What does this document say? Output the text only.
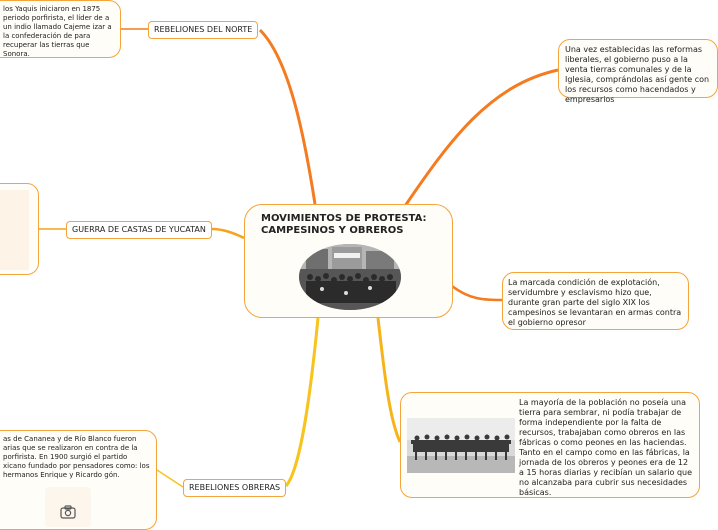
MOVIMIENTOS DE PROTESTA: CAMPESINOS Y OBREROS
REBELIONES DEL NORTE
los Yaquis iniciaron en 1875 periodo porfirista, el líder de a un indio llamado Cajeme izar a la confederación de para recuperar las tierras que Sonora.
GUERRA DE CASTAS DE YUCATAN
REBELIONES OBRERAS
as de Cananea y de Río Blanco fueron arias que se realizaron en contra de la porfirista. En 1900 surgió el partido xicano fundado por pensadores como: los hermanos Enrique y Ricardo gón.
Una vez establecidas las reformas liberales, el gobierno puso a la venta tierras comunales y de la Iglesia, comprándolas así gente con los recursos como hacendados y empresarios
La marcada condición de explotación, servidumbre y esclavismo hizo que, durante gran parte del siglo XIX los campesinos se levantaran en armas contra el gobierno opresor
La mayoría de la población no poseía una tierra para sembrar, ni podía trabajar de forma independiente por la falta de recursos, trabajaban como obreros en las fábricas o como peones en las haciendas. Tanto en el campo como en las fábricas, la jornada de los obreros y peones era de 12 a 15 horas diarias y recibían un salario que no alcanzaba para cubrir sus necesidades básicas.
